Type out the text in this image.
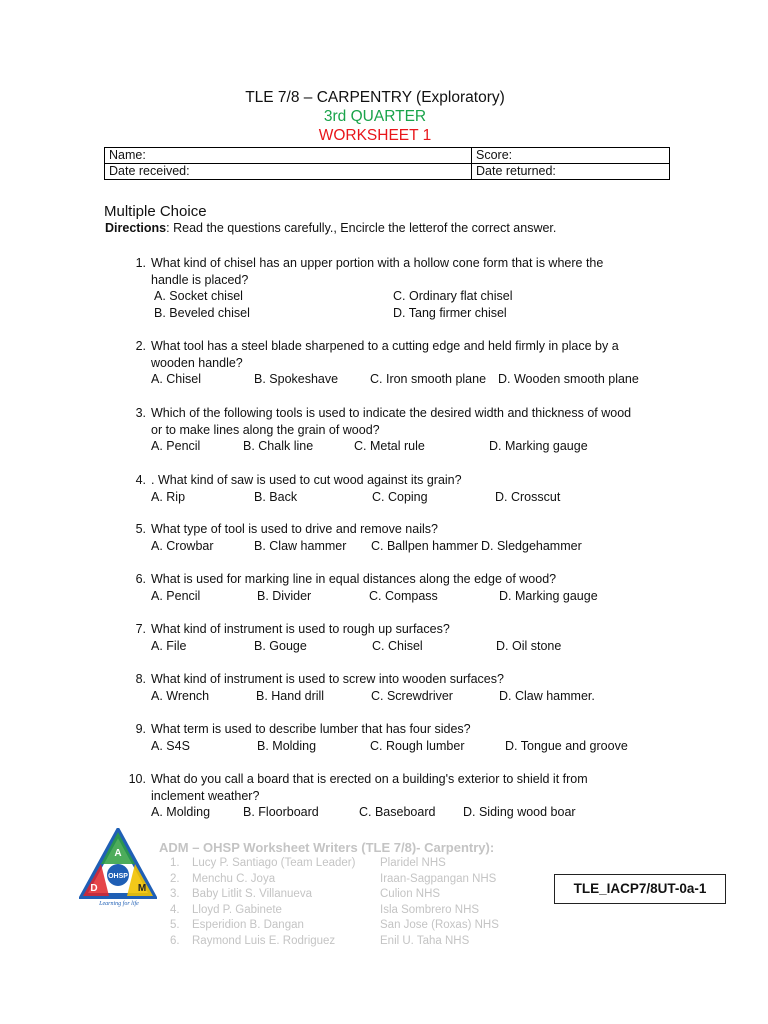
TLE 7/8 – CARPENTRY (Exploratory)
3rd QUARTER
WORKSHEET 1
Name:	Score:
Date received:	Date returned:
Multiple Choice
Directions: Read the questions carefully., Encircle the letterof the correct answer.
1. What kind of chisel has an upper portion with a hollow cone form that is where the
handle is placed?
A. Socket chisel	C. Ordinary flat chisel
B. Beveled chisel	D. Tang firmer chisel
2. What tool has a steel blade sharpened to a cutting edge and held firmly in place by a
wooden handle?
A. Chisel	B. Spokeshave	C. Iron smooth plane D. Wooden smooth plane
3. Which of the following tools is used to indicate the desired width and thickness of wood
or to make lines along the grain of wood?
A. Pencil	B. Chalk line	C. Metal rule	D. Marking gauge
4. . What kind of saw is used to cut wood against its grain?
A. Rip	B. Back	C. Coping	D. Crosscut
5. What type of tool is used to drive and remove nails?
A. Crowbar	B. Claw hammer C. Ballpen hammer D. Sledgehammer
6. What is used for marking line in equal distances along the edge of wood?
A. Pencil	B. Divider	C. Compass	D. Marking gauge
7. What kind of instrument is used to rough up surfaces?
A. File	B. Gouge	C. Chisel	D. Oil stone
8. What kind of instrument is used to screw into wooden surfaces?
A. Wrench	B. Hand drill	C. Screwdriver	D. Claw hammer.
9. What term is used to describe lumber that has four sides?
A. S4S	B. Molding	C. Rough lumber	D. Tongue and groove
10. What do you call a board that is erected on a building's exterior to shield it from
inclement weather?
A. Molding	B. Floorboard	C. Baseboard D. Siding wood boar
A
D	M
OHSP
Learning for life
ADM – OHSP Worksheet Writers (TLE 7/8)- Carpentry):
1. Lucy P. Santiago (Team Leader) Plaridel NHS
2. Menchu C. Joya	Iraan-Sagpangan NHS
3. Baby Litlit S. Villanueva	Culion NHS
4. Lloyd P. Gabinete	Isla Sombrero NHS
5. Esperidion B. Dangan	San Jose (Roxas) NHS
6. Raymond Luis E. Rodriguez	Enil U. Taha NHS
TLE_IACP7/8UT-0a-1
